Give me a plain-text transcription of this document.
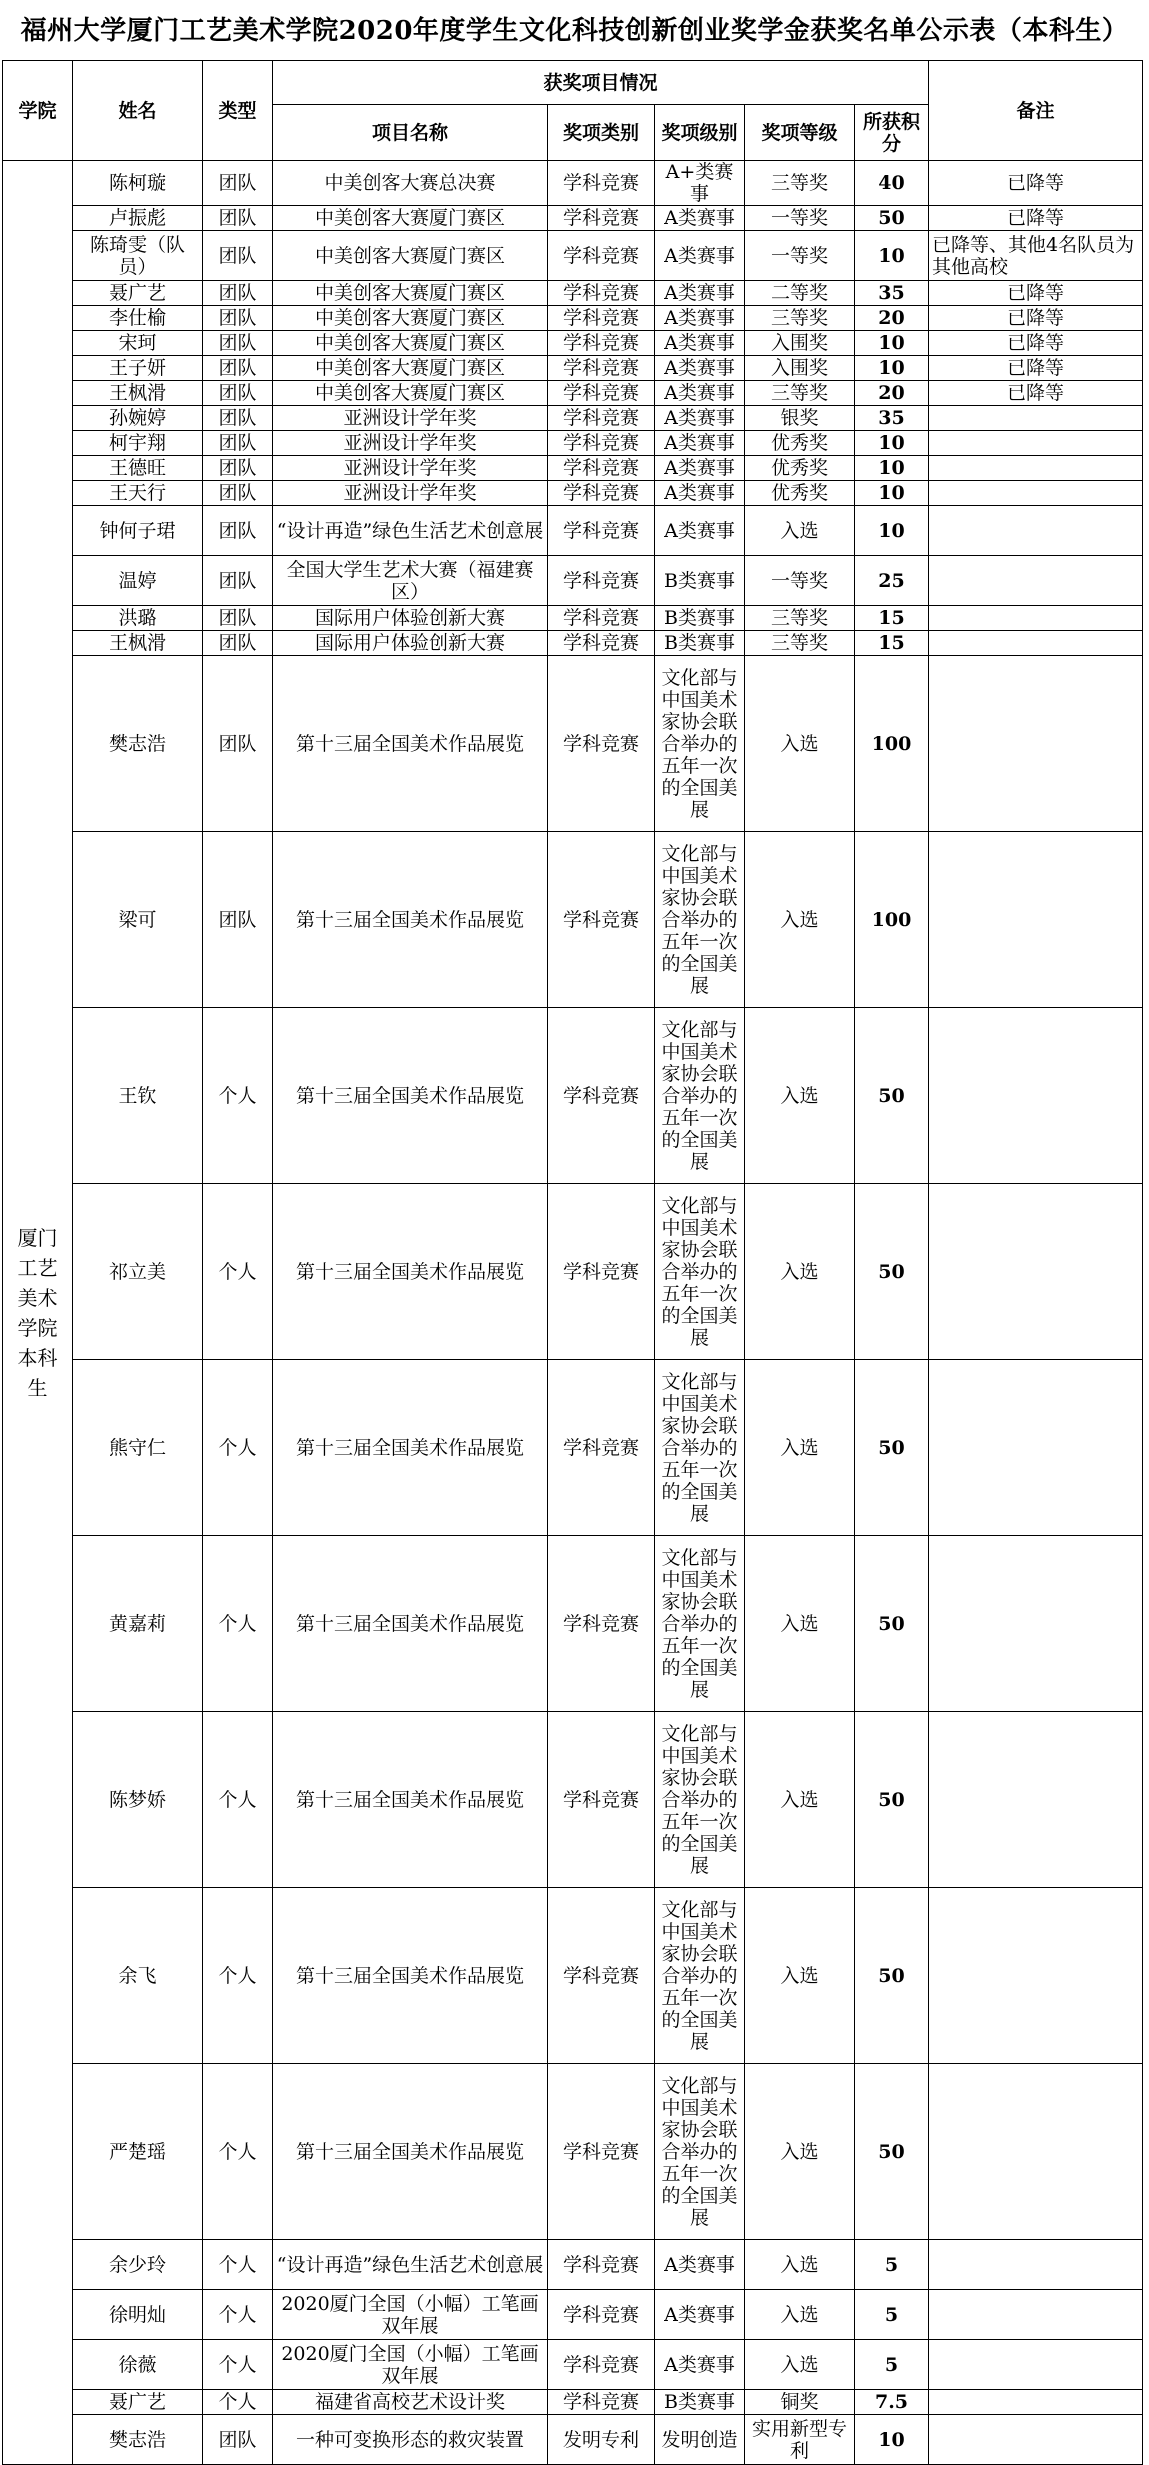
福州大学厦门工艺美术学院2020年度学生文化科技创新创业奖学金获奖名单公示表（本科生）
学院	姓名	类型	获奖项目情况					备注
			项目名称	奖项类别	奖项级别	奖项等级	所获积分	
厦门工艺美术学院本科生	陈柯璇	团队	中美创客大赛总决赛	学科竞赛	A+类赛事	三等奖	40	已降等
	卢振彪	团队	中美创客大赛厦门赛区	学科竞赛	A类赛事	一等奖	50	已降等
	陈琦雯（队员）	团队	中美创客大赛厦门赛区	学科竞赛	A类赛事	一等奖	10	已降等、其他4名队员为其他高校
	聂广艺	团队	中美创客大赛厦门赛区	学科竞赛	A类赛事	二等奖	35	已降等
	李仕榆	团队	中美创客大赛厦门赛区	学科竞赛	A类赛事	三等奖	20	已降等
	宋珂	团队	中美创客大赛厦门赛区	学科竞赛	A类赛事	入围奖	10	已降等
	王子妍	团队	中美创客大赛厦门赛区	学科竞赛	A类赛事	入围奖	10	已降等
	王枫滑	团队	中美创客大赛厦门赛区	学科竞赛	A类赛事	三等奖	20	已降等
	孙婉婷	团队	亚洲设计学年奖	学科竞赛	A类赛事	银奖	35	
	柯宇翔	团队	亚洲设计学年奖	学科竞赛	A类赛事	优秀奖	10	
	王德旺	团队	亚洲设计学年奖	学科竞赛	A类赛事	优秀奖	10	
	王天行	团队	亚洲设计学年奖	学科竞赛	A类赛事	优秀奖	10	
	钟何子珺	团队	“设计再造”绿色生活艺术创意展	学科竞赛	A类赛事	入选	10	
	温婷	团队	全国大学生艺术大赛（福建赛区）	学科竞赛	B类赛事	一等奖	25	
	洪璐	团队	国际用户体验创新大赛	学科竞赛	B类赛事	三等奖	15	
	王枫滑	团队	国际用户体验创新大赛	学科竞赛	B类赛事	三等奖	15	
	樊志浩	团队	第十三届全国美术作品展览	学科竞赛	文化部与中国美术家协会联合举办的五年一次的全国美展	入选	100	
	梁可	团队	第十三届全国美术作品展览	学科竞赛	文化部与中国美术家协会联合举办的五年一次的全国美展	入选	100	
	王钦	个人	第十三届全国美术作品展览	学科竞赛	文化部与中国美术家协会联合举办的五年一次的全国美展	入选	50	
	祁立美	个人	第十三届全国美术作品展览	学科竞赛	文化部与中国美术家协会联合举办的五年一次的全国美展	入选	50	
	熊守仁	个人	第十三届全国美术作品展览	学科竞赛	文化部与中国美术家协会联合举办的五年一次的全国美展	入选	50	
	黄嘉莉	个人	第十三届全国美术作品展览	学科竞赛	文化部与中国美术家协会联合举办的五年一次的全国美展	入选	50	
	陈梦娇	个人	第十三届全国美术作品展览	学科竞赛	文化部与中国美术家协会联合举办的五年一次的全国美展	入选	50	
	余飞	个人	第十三届全国美术作品展览	学科竞赛	文化部与中国美术家协会联合举办的五年一次的全国美展	入选	50	
	严楚瑶	个人	第十三届全国美术作品展览	学科竞赛	文化部与中国美术家协会联合举办的五年一次的全国美展	入选	50	
	余少玲	个人	“设计再造”绿色生活艺术创意展	学科竞赛	A类赛事	入选	5	
	徐明灿	个人	2020厦门全国（小幅）工笔画双年展	学科竞赛	A类赛事	入选	5	
	徐薇	个人	2020厦门全国（小幅）工笔画双年展	学科竞赛	A类赛事	入选	5	
	聂广艺	个人	福建省高校艺术设计奖	学科竞赛	B类赛事	铜奖	7.5	
	樊志浩	团队	一种可变换形态的救灾装置	发明专利	发明创造	实用新型专利	10	
